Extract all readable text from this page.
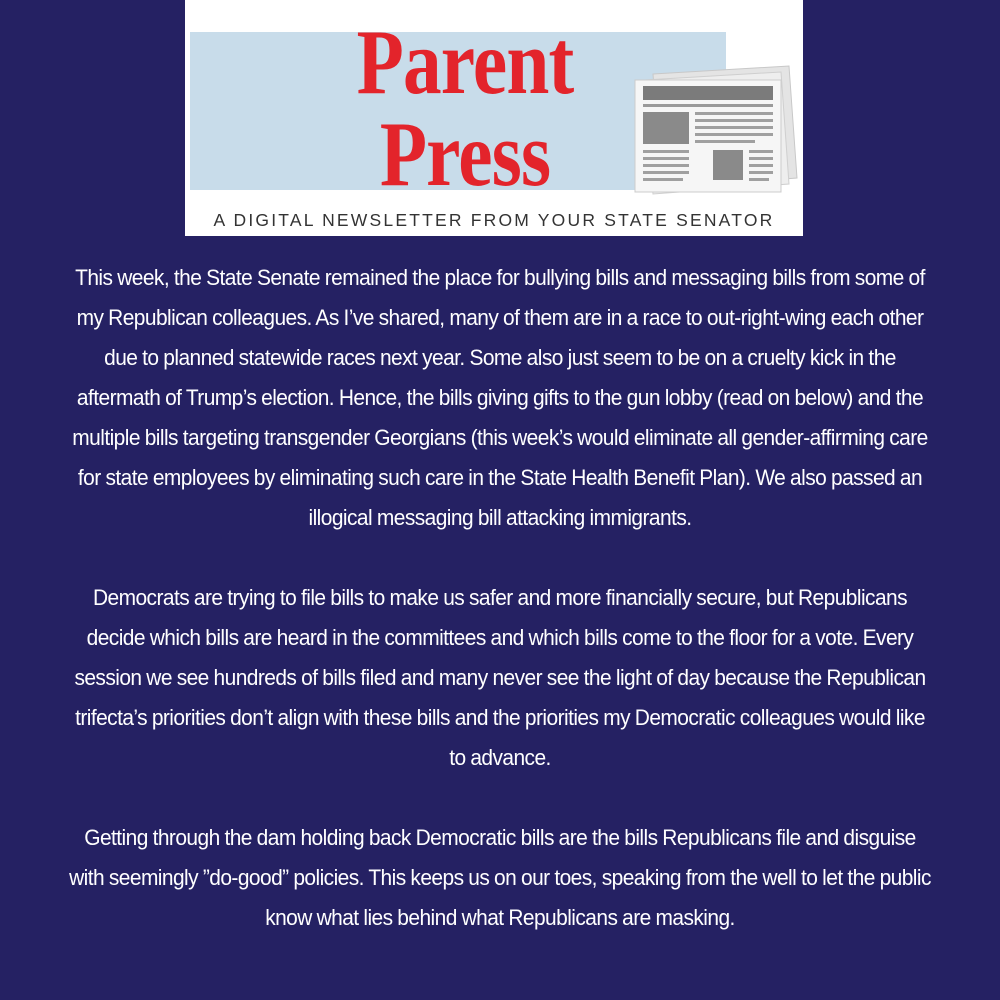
Parent
Press
A DIGITAL NEWSLETTER FROM YOUR STATE SENATOR

This week, the State Senate remained the place for bullying bills and messaging bills from some of my Republican colleagues. As I’ve shared, many of them are in a race to out-right-wing each other due to planned statewide races next year. Some also just seem to be on a cruelty kick in the aftermath of Trump’s election. Hence, the bills giving gifts to the gun lobby (read on below) and the multiple bills targeting transgender Georgians (this week’s would eliminate all gender-affirming care for state employees by eliminating such care in the State Health Benefit Plan). We also passed an illogical messaging bill attacking immigrants.

Democrats are trying to file bills to make us safer and more financially secure, but Republicans decide which bills are heard in the committees and which bills come to the floor for a vote. Every session we see hundreds of bills filed and many never see the light of day because the Republican trifecta’s priorities don’t align with these bills and the priorities my Democratic colleagues would like to advance.

Getting through the dam holding back Democratic bills are the bills Republicans file and disguise with seemingly ”do-good” policies. This keeps us on our toes, speaking from the well to let the public know what lies behind what Republicans are masking.
